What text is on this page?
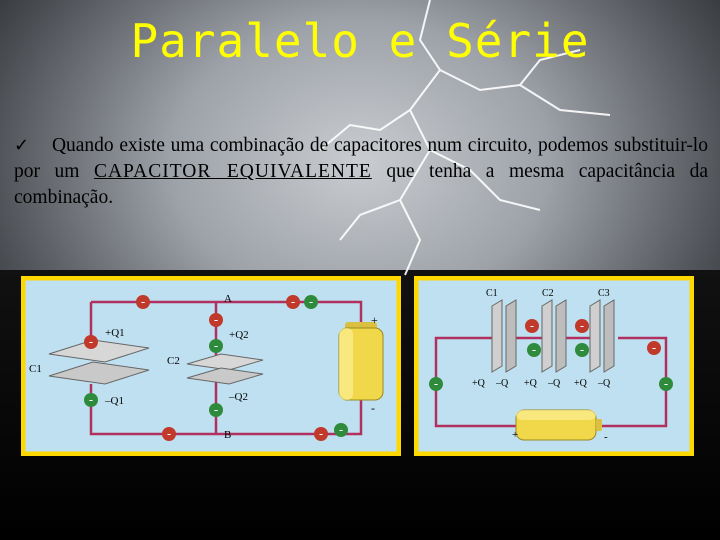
Paralelo e Série
✓ Quando existe uma combinação de capacitores num circuito, podemos substituir-lo por um CAPACITOR EQUIVALENTE que tenha a mesma capacitância da combinação.
-	- -
-
-
-
-
-
-	- -
A
B
C1
C2
+Q1
–Q1
+Q2
–Q2
+
-
-
-
-
-
-	-
-
C1	C2	C3
+Q –Q +Q –Q +Q –Q
+	-
